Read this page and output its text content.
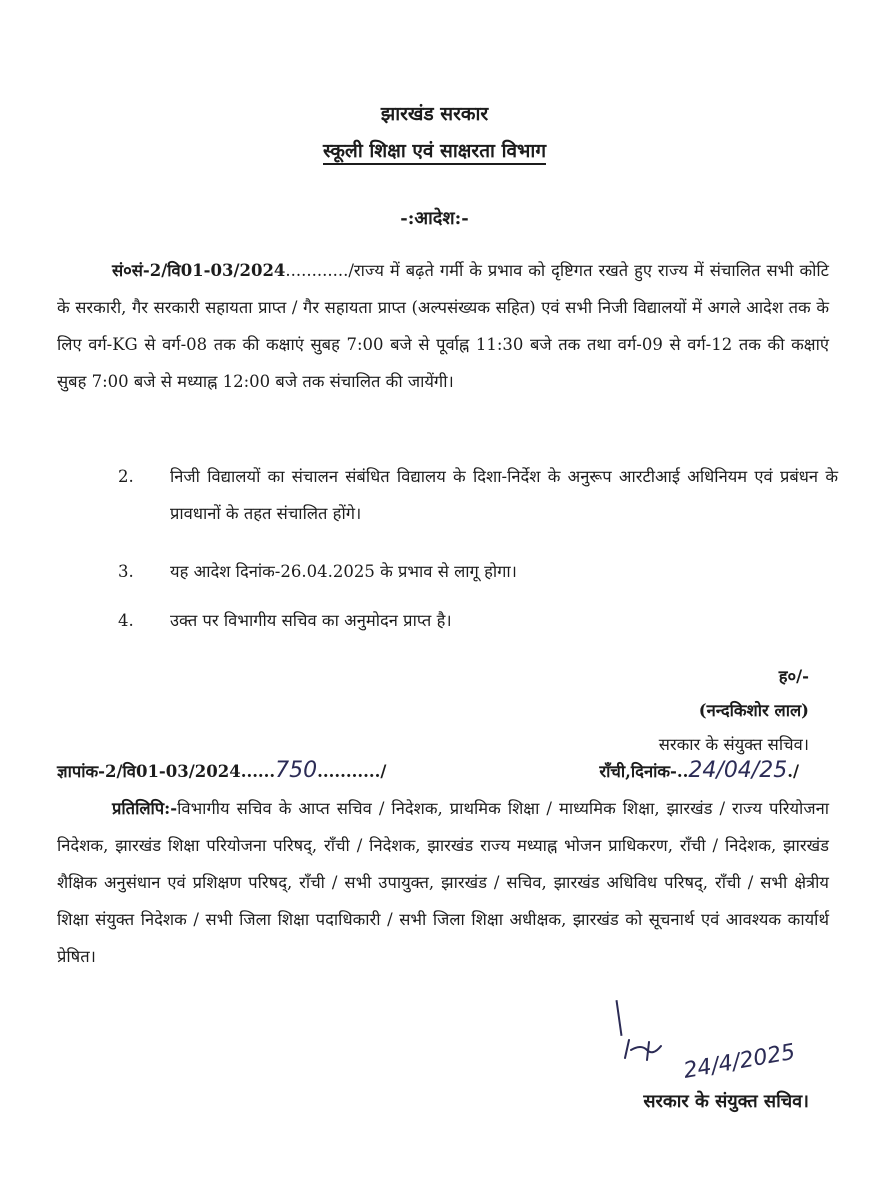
झारखंड सरकार
स्कूली शिक्षा एवं साक्षरता विभाग
-:आदेश:-
सं०सं-2/वि01-03/2024............/राज्य में बढ़ते गर्मी के प्रभाव को दृष्टिगत रखते हुए राज्य में संचालित सभी कोटि के सरकारी, गैर सरकारी सहायता प्राप्त / गैर सहायता प्राप्त (अल्पसंख्यक सहित) एवं सभी निजी विद्यालयों में अगले आदेश तक के लिए वर्ग-KG से वर्ग-08 तक की कक्षाएं सुबह 7:00 बजे से पूर्वाह्न 11:30 बजे तक तथा वर्ग-09 से वर्ग-12 तक की कक्षाएं सुबह 7:00 बजे से मध्याह्न 12:00 बजे तक संचालित की जायेंगी।
2.	निजी विद्यालयों का संचालन संबंधित विद्यालय के दिशा-निर्देश के अनुरूप आरटीआई अधिनियम एवं प्रबंधन के प्रावधानों के तहत संचालित होंगे।
3.	यह आदेश दिनांक-26.04.2025 के प्रभाव से लागू होगा।
4.	उक्त पर विभागीय सचिव का अनुमोदन प्राप्त है।
ह०/-
(नन्दकिशोर लाल)
सरकार के संयुक्त सचिव।
ज्ञापांक-2/वि01-03/2024......750.........../	राँची,दिनांक-..24/04/25./
प्रतिलिपि:-विभागीय सचिव के आप्त सचिव / निदेशक, प्राथमिक शिक्षा / माध्यमिक शिक्षा, झारखंड / राज्य परियोजना निदेशक, झारखंड शिक्षा परियोजना परिषद्, राँची / निदेशक, झारखंड राज्य मध्याह्न भोजन प्राधिकरण, राँची / निदेशक, झारखंड शैक्षिक अनुसंधान एवं प्रशिक्षण परिषद्, राँची / सभी उपायुक्त, झारखंड / सचिव, झारखंड अधिविध परिषद्, राँची / सभी क्षेत्रीय शिक्षा संयुक्त निदेशक / सभी जिला शिक्षा पदाधिकारी / सभी जिला शिक्षा अधीक्षक, झारखंड को सूचनार्थ एवं आवश्यक कार्यार्थ प्रेषित।
24/4/2025
सरकार के संयुक्त सचिव।
